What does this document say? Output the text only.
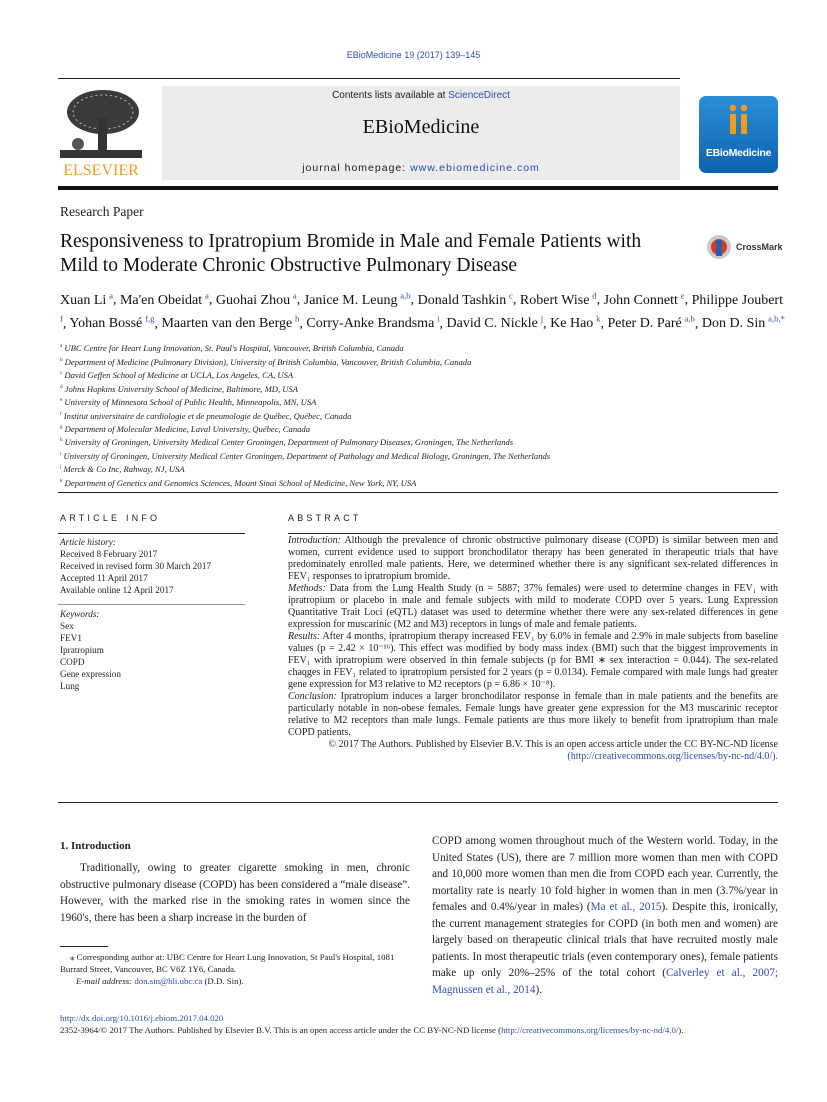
EBioMedicine 19 (2017) 139–145
ELSEVIER
Contents lists available at ScienceDirect
EBioMedicine
journal homepage: www.ebiomedicine.com
EBioMedicine
Research Paper
Responsiveness to Ipratropium Bromide in Male and Female Patients with Mild to Moderate Chronic Obstructive Pulmonary Disease
CrossMark
Xuan Li  $^a$, Ma'en Obeidat  $^a$, Guohai Zhou  $^a$, Janice M. Leung  $^{a,b}$, Donald Tashkin  $^c$, Robert Wise  $^d$, John Connett  $^e$, Philippe Joubert $^f$, Yohan Bossé  $^{f,g}$, Maarten van den Berge  $^h$, Corry-Anke Brandsma  $^i$, David C. Nickle  $^j$, Ke Hao  $^k$, Peter D. Paré  $^{a,b}$, Don D. Sin  $^{a,b,*}$
$^a$ UBC Centre for Heart Lung Innovation, St. Paul's Hospital, Vancouver, British Columbia, Canada
$^b$ Department of Medicine (Pulmonary Division), University of British Columbia, Vancouver, British Columbia, Canada
$^c$ David Geffen School of Medicine at UCLA, Los Angeles, CA, USA
$^d$ Johns Hopkins University School of Medicine, Baltimore, MD, USA
$^e$ University of Minnesota School of Public Health, Minneapolis, MN, USA
$^f$ Institut universitaire de cardiologie et de pneumologie de Québec, Québec, Canada
$^g$ Department of Molecular Medicine, Laval University, Québec, Canada
$^h$ University of Groningen, University Medical Center Groningen, Department of Pulmonary Diseases, Groningen, The Netherlands
$^i$ University of Groningen, University Medical Center Groningen, Department of Pathology and Medical Biology, Groningen, The Netherlands
$^j$ Merck & Co Inc, Rahway, NJ, USA
$^k$ Department of Genetics and Genomics Sciences, Mount Sinai School of Medicine, New York, NY, USA
ARTICLE INFO	ABSTRACT
Article history:
Received 8 February 2017
Received in revised form 30 March 2017
Accepted 11 April 2017
Available online 12 April 2017
Keywords:
Sex
FEV1
Ipratropium
COPD
Gene expression
Lung
Introduction: Although the prevalence of chronic obstructive pulmonary disease (COPD) is similar between men and women, current evidence used to support bronchodilator therapy has been generated in therapeutic trials that have predominately enrolled male patients. Here, we determined whether there is any significant sex-related differences in FEV₁ responses to ipratropium bromide.
Methods: Data from the Lung Health Study (n = 5887; 37% females) were used to determine changes in FEV₁ with ipratropium or placebo in male and female subjects with mild to moderate COPD over 5 years. Lung Expression Quantitative Trait Loci (eQTL) dataset was used to determine whether there were any sex-related differences in gene expression for muscarinic (M2 and M3) receptors in lungs of male and female patients.
Results: After 4 months, ipratropium therapy increased FEV₁ by 6.0% in female and 2.9% in male subjects from baseline values (p = 2.42 × 10⁻¹⁶). This effect was modified by body mass index (BMI) such that the biggest improvements in FEV₁ with ipratropium were observed in thin female subjects (p for BMI ∗ sex interaction = 0.044). The sex-related chaqges in FEV₁ related to ipratropium persisted for 2 years (p = 0.0134). Female compared with male lungs had greater gene expression for M3 relative to M2 receptors (p = 6.86 × 10⁻⁸).
Conclusion: Ipratropium induces a larger bronchodilator response in female than in male patients and the benefits are particularly notable in non-obese females. Female lungs have greater gene expression for the M3 muscarinic receptor relative to M2 receptors than male lungs. Female patients are thus more likely to benefit from ipratropium than male COPD patients.
© 2017 The Authors. Published by Elsevier B.V. This is an open access article under the CC BY-NC-ND license
(http://creativecommons.org/licenses/by-nc-nd/4.0/).
1. Introduction
Traditionally, owing to greater cigarette smoking in men, chronic obstructive pulmonary disease (COPD) has been considered a “male disease”. However, with the marked rise in the smoking rates in women since the 1960's, there has been a sharp increase in the burden of
COPD among women throughout much of the Western world. Today, in the United States (US), there are 7 million more women than men with COPD and 10,000 more women than men die from COPD each year. Currently, the mortality rate is nearly 10 fold higher in women than in men (3.7%/year in females and 0.4%/year in males) (Ma et al., 2015). Despite this, ironically, the current management strategies for COPD (in both men and women) are largely based on therapeutic clinical trials that have recruited mostly male patients. In most therapeutic trials (even contemporary ones), female patients make up only 20%–25% of the total cohort (Calverley et al., 2007; Magnussen et al., 2014).
⁎ Corresponding author at: UBC Centre for Heart Lung Innovation, St Paul's Hospital, 1081 Burrard Street, Vancouver, BC V6Z 1Y6, Canada.
E-mail address: don.sin@hli.ubc.ca (D.D. Sin).
http://dx.doi.org/10.1016/j.ebiom.2017.04.020
2352-3964/© 2017 The Authors. Published by Elsevier B.V. This is an open access article under the CC BY-NC-ND license (http://creativecommons.org/licenses/by-nc-nd/4.0/).
